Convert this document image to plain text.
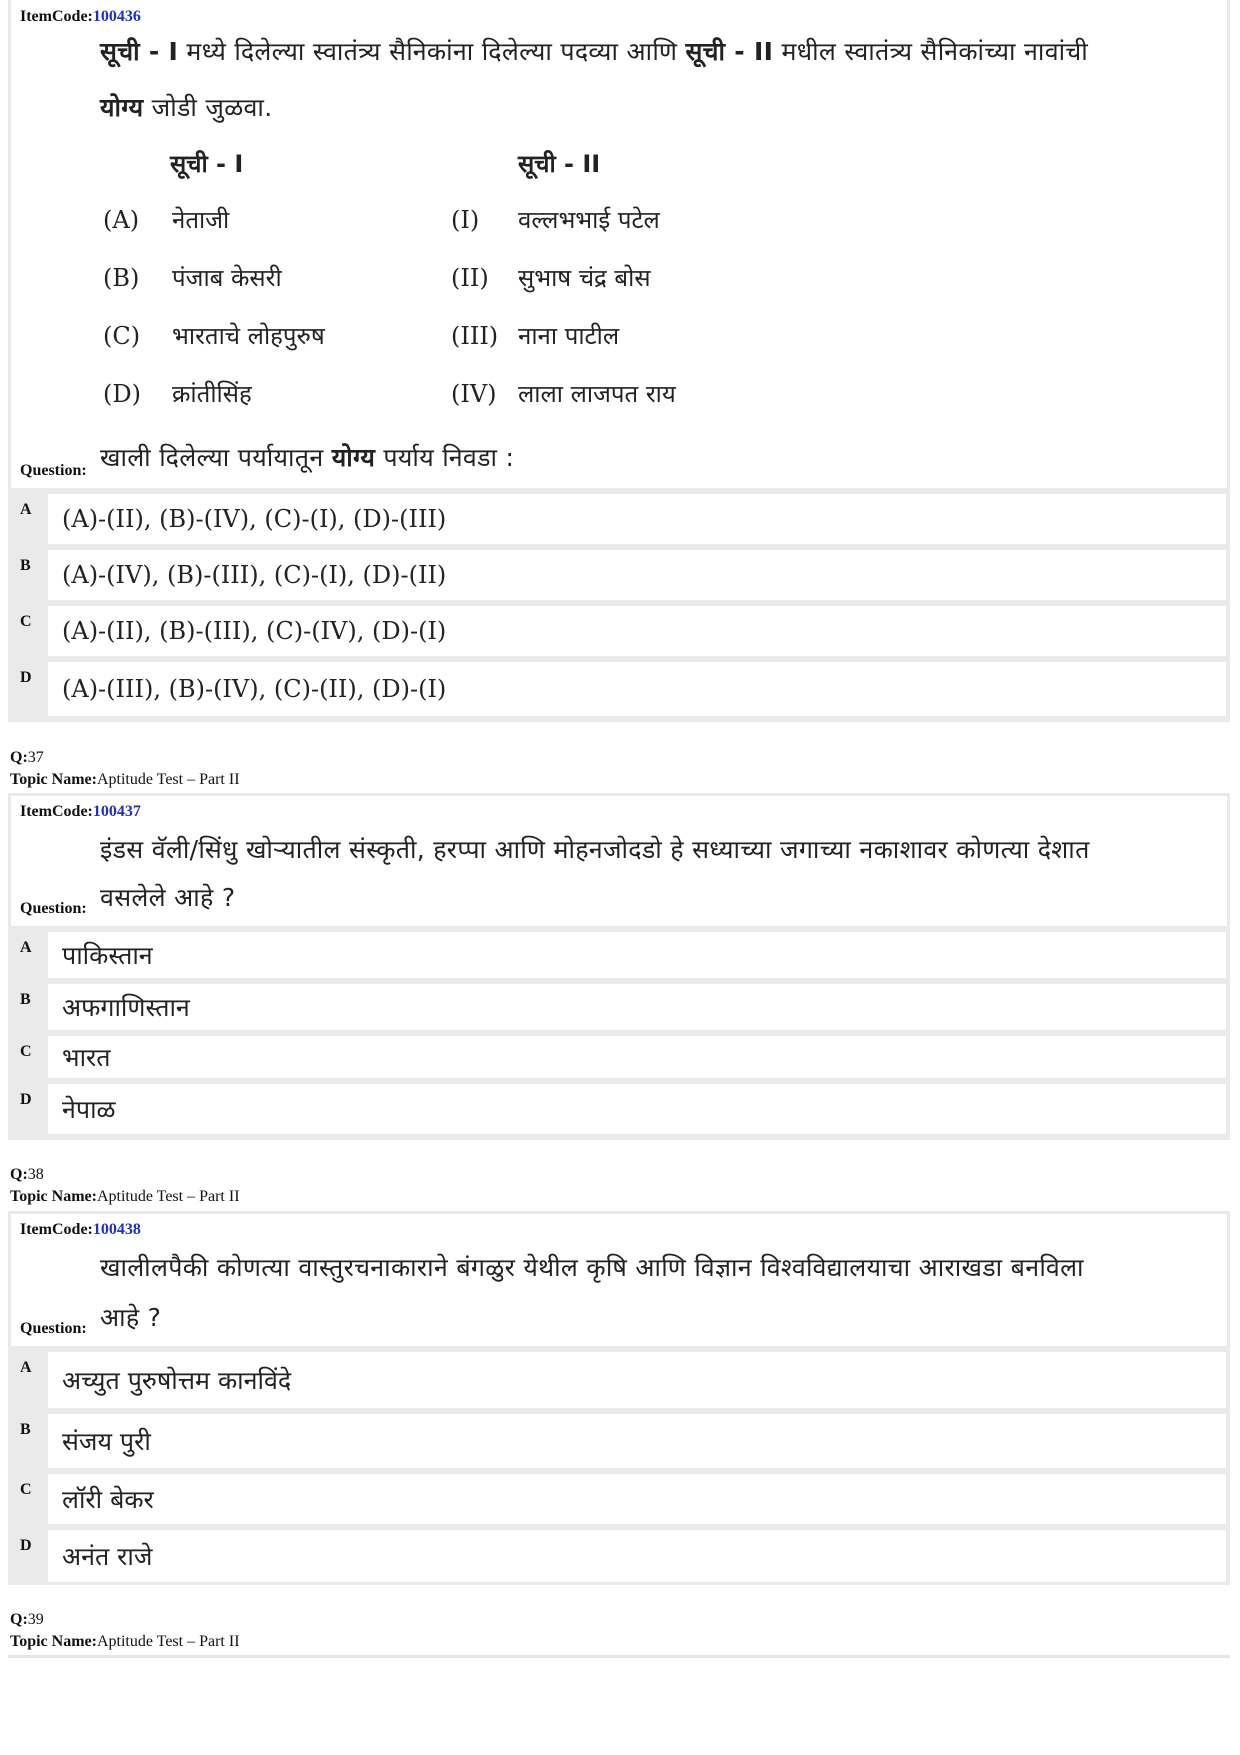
ItemCode:100436
सूची - I मध्ये दिलेल्या स्वातंत्र्य सैनिकांना दिलेल्या पदव्या आणि सूची - II मधील स्वातंत्र्य सैनिकांच्या नावांची
योग्य जोडी जुळवा.
सूची - I	सूची - II
(A) नेताजी	(I) वल्लभभाई पटेल
(B) पंजाब केसरी	(II) सुभाष चंद्र बोस
(C) भारताचे लोहपुरुष	(III) नाना पाटील
(D) क्रांतीसिंह	(IV) लाला लाजपत राय
Question: खाली दिलेल्या पर्यायातून योग्य पर्याय निवडा :
A	(A)-(II), (B)-(IV), (C)-(I), (D)-(III)
B	(A)-(IV), (B)-(III), (C)-(I), (D)-(II)
C	(A)-(II), (B)-(III), (C)-(IV), (D)-(I)
D	(A)-(III), (B)-(IV), (C)-(II), (D)-(I)
Q:37
Topic Name:Aptitude Test – Part II
ItemCode:100437
इंडस वॅली/सिंधु खोऱ्यातील संस्कृती, हरप्पा आणि मोहनजोदडो हे सध्याच्या जगाच्या नकाशावर कोणत्या देशात
Question: वसलेले आहे ?
A	पाकिस्तान
B	अफगाणिस्तान
C	भारत
D	नेपाळ
Q:38
Topic Name:Aptitude Test – Part II
ItemCode:100438
खालीलपैकी कोणत्या वास्तुरचनाकाराने बंगळुर येथील कृषि आणि विज्ञान विश्वविद्यालयाचा आराखडा बनविला
Question: आहे ?
A	अच्युत पुरुषोत्तम कानविंदे
B	संजय पुरी
C	लॉरी बेकर
D	अनंत राजे
Q:39
Topic Name:Aptitude Test – Part II
